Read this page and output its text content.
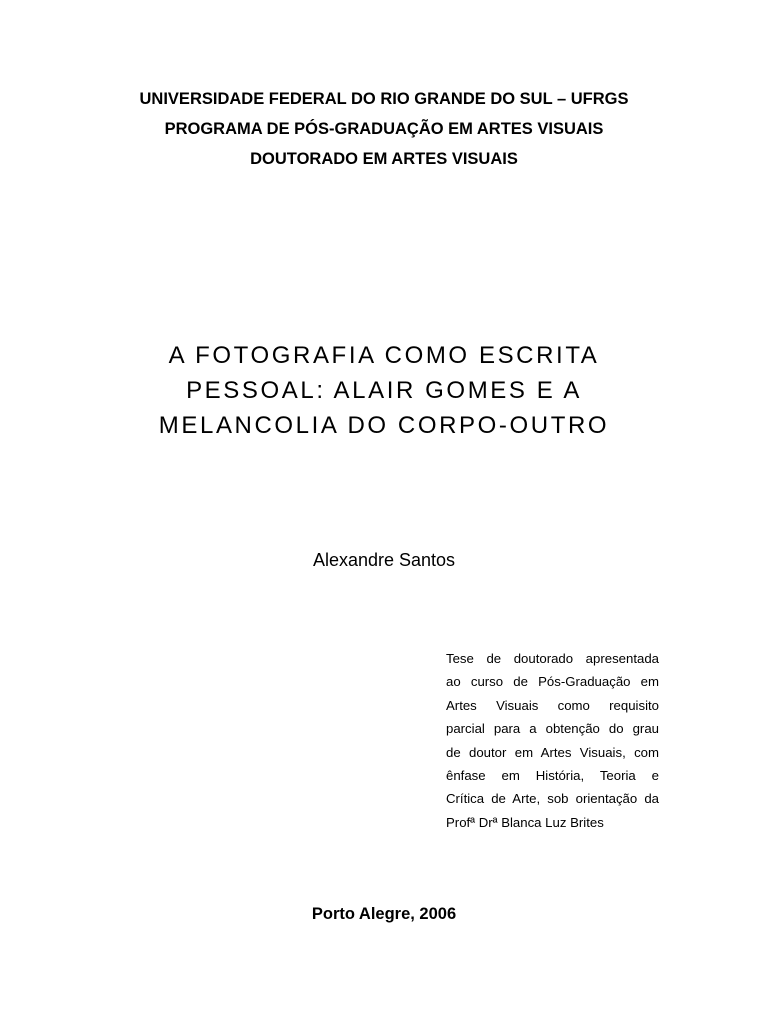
UNIVERSIDADE FEDERAL DO RIO GRANDE DO SUL – UFRGS
PROGRAMA DE PÓS-GRADUAÇÃO EM ARTES VISUAIS
DOUTORADO EM ARTES VISUAIS
A FOTOGRAFIA COMO ESCRITA
PESSOAL: ALAIR GOMES E A
MELANCOLIA DO CORPO-OUTRO
Alexandre Santos
Tese de doutorado apresentada
ao curso de Pós-Graduação em
Artes Visuais como requisito
parcial para a obtenção do grau
de doutor em Artes Visuais, com
ênfase em História, Teoria e
Crítica de Arte, sob orientação da
Profª Drª Blanca Luz Brites
Porto Alegre, 2006
